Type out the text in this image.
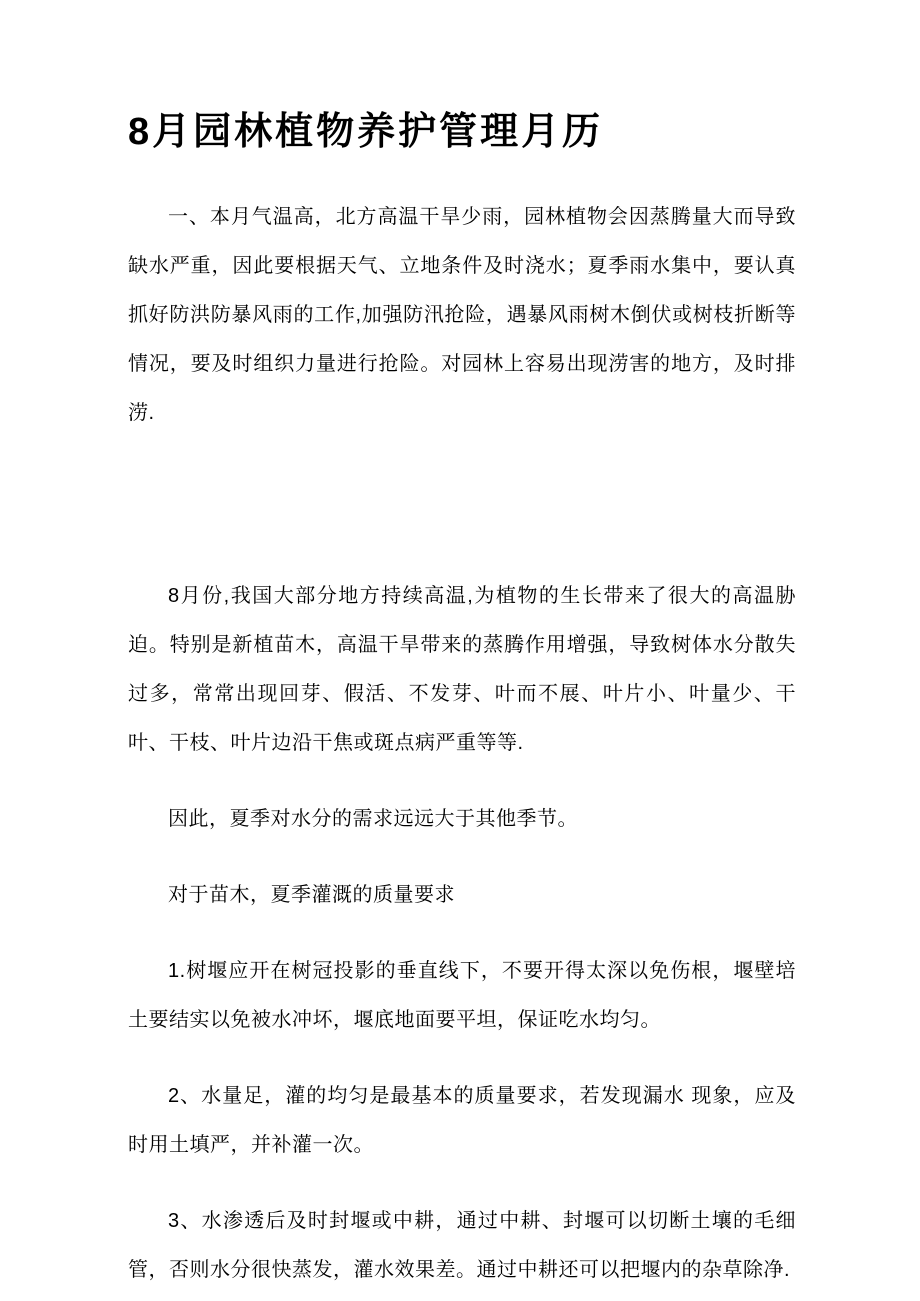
8月园林植物养护管理月历

一、本月气温高，北方高温干旱少雨，园林植物会因蒸腾量大而导致缺水严重，因此要根据天气、立地条件及时浇水；夏季雨水集中，要认真抓好防洪防暴风雨的工作,加强防汛抢险，遇暴风雨树木倒伏或树枝折断等情况，要及时组织力量进行抢险。对园林上容易出现涝害的地方，及时排涝.

8月份,我国大部分地方持续高温,为植物的生长带来了很大的高温胁迫。特别是新植苗木，高温干旱带来的蒸腾作用增强，导致树体水分散失过多，常常出现回芽、假活、不发芽、叶而不展、叶片小、叶量少、干叶、干枝、叶片边沿干焦或斑点病严重等等.

因此，夏季对水分的需求远远大于其他季节。

对于苗木，夏季灌溉的质量要求

1.树堰应开在树冠投影的垂直线下，不要开得太深以免伤根，堰壁培土要结实以免被水冲坏，堰底地面要平坦，保证吃水均匀。

2、水量足，灌的均匀是最基本的质量要求，若发现漏水 现象，应及时用土填严，并补灌一次。

3、水渗透后及时封堰或中耕，通过中耕、封堰可以切断土壤的毛细管，否则水分很快蒸发，灌水效果差。通过中耕还可以把堰内的杂草除净.
